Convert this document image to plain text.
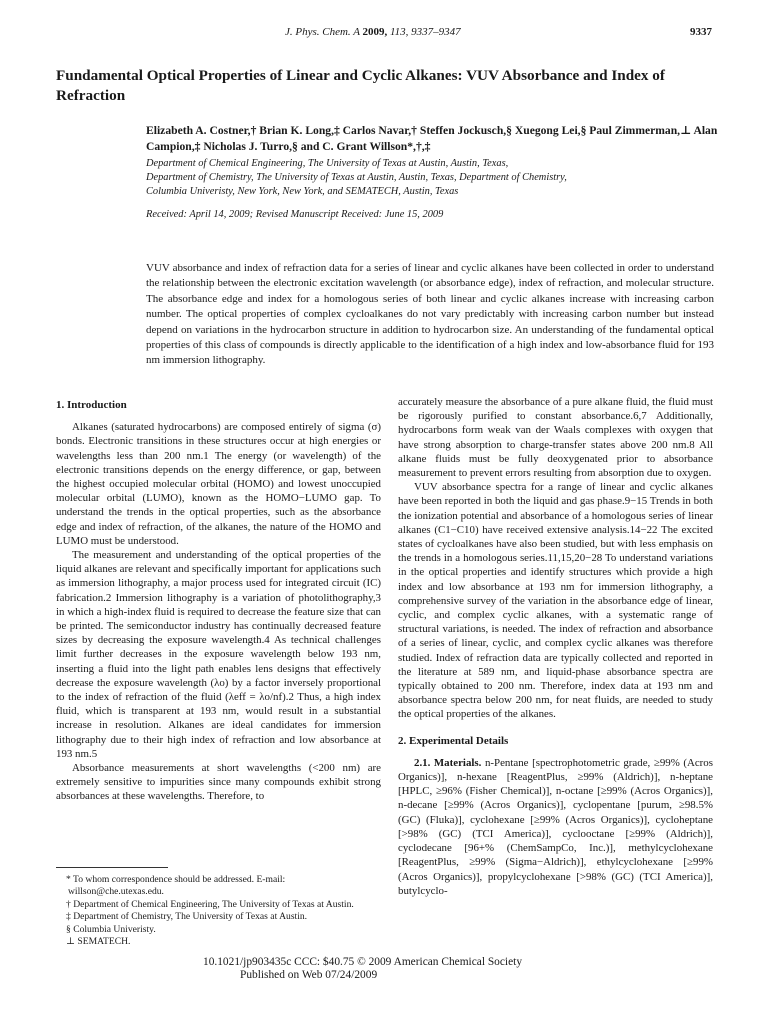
J. Phys. Chem. A 2009, 113, 9337–9347	9337
Fundamental Optical Properties of Linear and Cyclic Alkanes: VUV Absorbance and Index of Refraction
Elizabeth A. Costner,† Brian K. Long,‡ Carlos Navar,† Steffen Jockusch,§ Xuegong Lei,§ Paul Zimmerman,⊥ Alan Campion,‡ Nicholas J. Turro,§ and C. Grant Willson*,†,‡
Department of Chemical Engineering, The University of Texas at Austin, Austin, Texas,
Department of Chemistry, The University of Texas at Austin, Austin, Texas, Department of Chemistry,
Columbia Univeristy, New York, New York, and SEMATECH, Austin, Texas
Received: April 14, 2009; Revised Manuscript Received: June 15, 2009
VUV absorbance and index of refraction data for a series of linear and cyclic alkanes have been collected in order to understand the relationship between the electronic excitation wavelength (or absorbance edge), index of refraction, and molecular structure. The absorbance edge and index for a homologous series of both linear and cyclic alkanes increase with increasing carbon number. The optical properties of complex cycloalkanes do not vary predictably with increasing carbon number but instead depend on variations in the hydrocarbon structure in addition to hydrocarbon size. An understanding of the fundamental optical properties of this class of compounds is directly applicable to the identification of a high index and low-absorbance fluid for 193 nm immersion lithography.
1. Introduction

Alkanes (saturated hydrocarbons) are composed entirely of sigma (σ) bonds. Electronic transitions in these structures occur at high energies or wavelengths less than 200 nm.1 The energy (or wavelength) of the electronic transitions depends on the energy difference, or gap, between the highest occupied molecular orbital (HOMO) and lowest unoccupied molecular orbital (LUMO), known as the HOMO−LUMO gap. To understand the trends in the optical properties, such as the absorbance edge and index of refraction, of the alkanes, the nature of the HOMO and LUMO must be understood.

The measurement and understanding of the optical properties of the liquid alkanes are relevant and specifically important for applications such as immersion lithography, a major process used for integrated circuit (IC) fabrication.2 Immersion lithography is a variation of photolithography,3 in which a high-index fluid is required to decrease the feature size that can be printed. The semiconductor industry has continually decreased feature sizes by decreasing the exposure wavelength.4 As technical challenges limit further decreases in the exposure wavelength below 193 nm, inserting a fluid into the light path enables lens designs that effectively decrease the exposure wavelength (λo) by a factor inversely proportional to the index of refraction of the fluid (λeff = λo/nf).2 Thus, a high index fluid, which is transparent at 193 nm, would result in a substantial increase in resolution. Alkanes are ideal candidates for immersion lithography due to their high index of refraction and low absorbance at 193 nm.5

Absorbance measurements at short wavelengths (<200 nm) are extremely sensitive to impurities since many compounds exhibit strong absorbances at these wavelengths. Therefore, to

accurately measure the absorbance of a pure alkane fluid, the fluid must be rigorously purified to constant absorbance.6,7 Additionally, hydrocarbons form weak van der Waals complexes with oxygen that have strong absorption to charge-transfer states above 200 nm.8 All alkane fluids must be fully deoxygenated prior to absorbance measurement to prevent errors resulting from absorption due to oxygen.

VUV absorbance spectra for a range of linear and cyclic alkanes have been reported in both the liquid and gas phase.9−15 Trends in both the ionization potential and absorbance of a homologous series of linear alkanes (C1−C10) have received extensive analysis.14−22 The excited states of cycloalkanes have also been studied, but with less emphasis on the trends in a homologous series.11,15,20−28 To understand variations in the optical properties and identify structures which provide a high index and low absorbance at 193 nm for immersion lithography, a comprehensive survey of the variation in the absorbance edge of linear, cyclic, and complex cyclic alkanes, with a systematic range of structural variations, is needed. The index of refraction and absorbance of a series of linear, cyclic, and complex cyclic alkanes was therefore studied. Index of refraction data are typically collected and reported in the literature at 589 nm, and liquid-phase absorbance spectra are typically obtained to 200 nm. Therefore, index data at 193 nm and absorbance spectra below 200 nm, for neat fluids, are needed to study the optical properties of the alkanes.

2. Experimental Details

2.1. Materials. n-Pentane [spectrophotometric grade, ≥99% (Acros Organics)], n-hexane [ReagentPlus, ≥99% (Aldrich)], n-heptane [HPLC, ≥96% (Fisher Chemical)], n-octane [≥99% (Acros Organics)], n-decane [≥99% (Acros Organics)], cyclopentane [purum, ≥98.5% (GC) (Fluka)], cyclohexane [≥99% (Acros Organics)], cycloheptane [>98% (GC) (TCI America)], cyclooctane [≥99% (Aldrich)], cyclodecane [96+% (ChemSampCo, Inc.)], methylcyclohexane [ReagentPlus, ≥99% (Sigma−Aldrich)], ethylcyclohexane [≥99% (Acros Organics)], propylcyclohexane [>98% (GC) (TCI America)], butylcyclo-

* To whom correspondence should be addressed. E-mail: willson@che.utexas.edu.
† Department of Chemical Engineering, The University of Texas at Austin.
‡ Department of Chemistry, The University of Texas at Austin.
§ Columbia Univeristy.
⊥ SEMATECH.
10.1021/jp903435c CCC: $40.75 © 2009 American Chemical Society
Published on Web 07/24/2009
